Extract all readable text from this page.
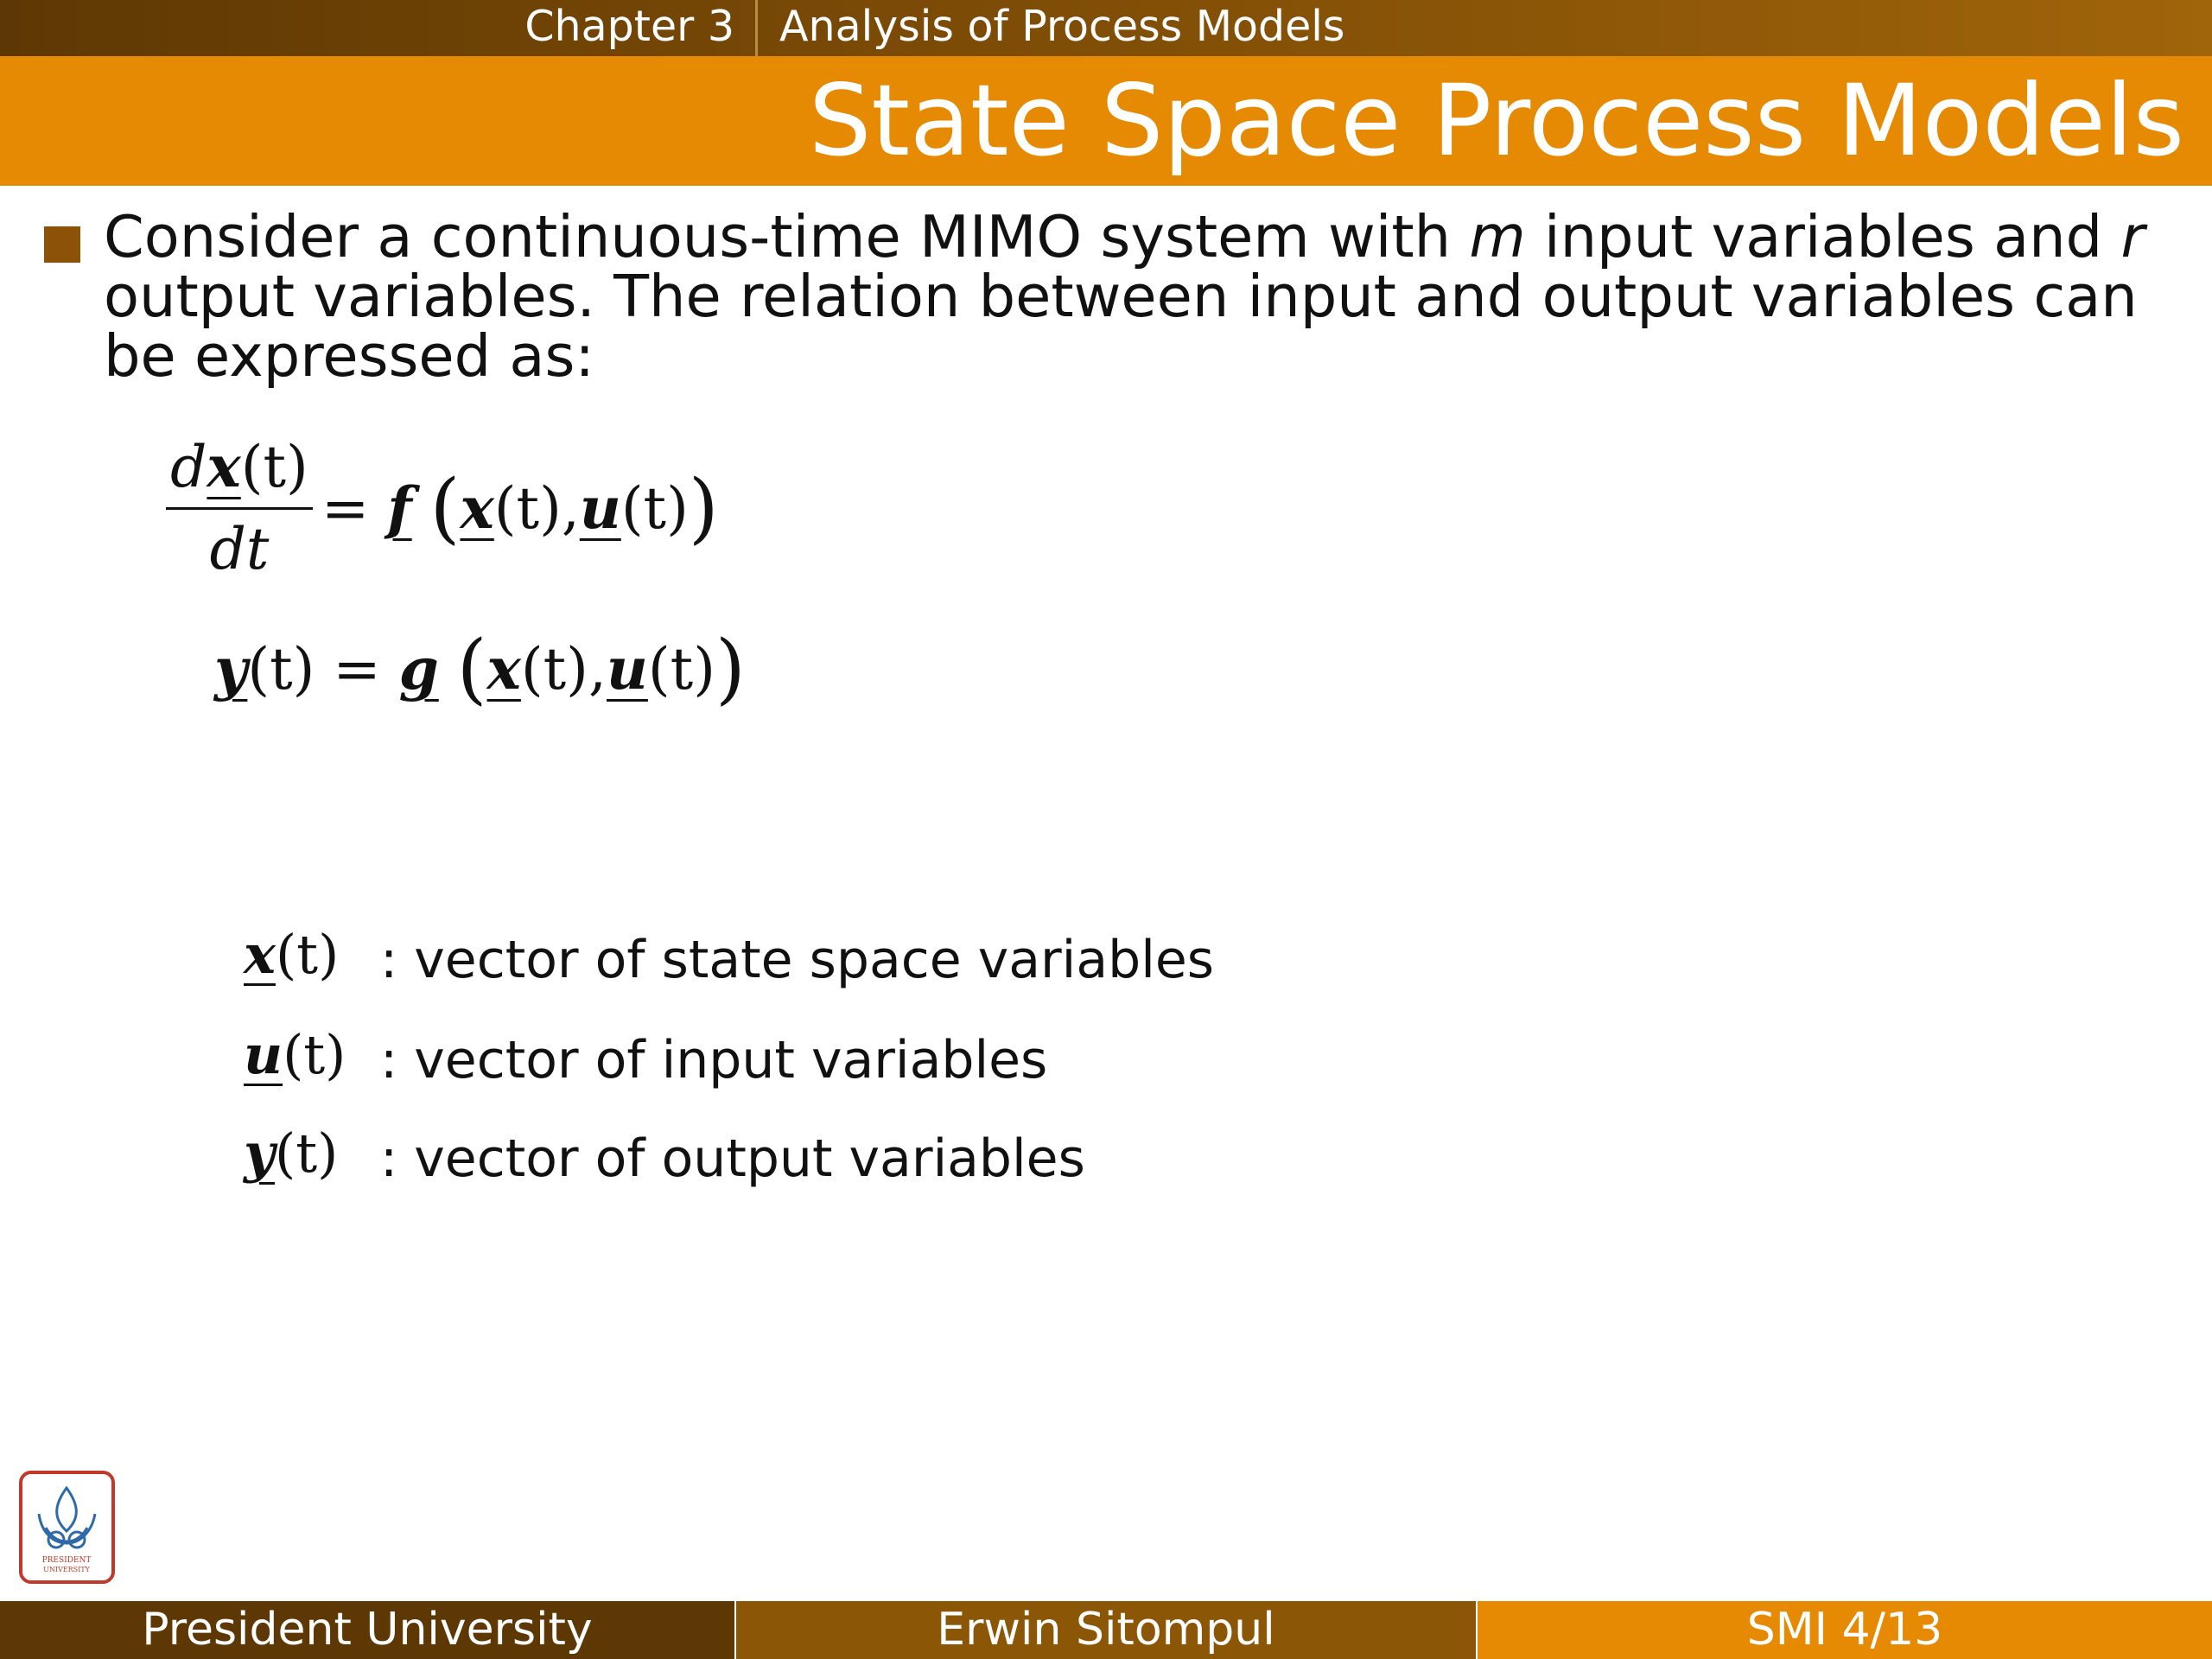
Chapter 3 Analysis of Process Models
State Space Process Models

Consider a continuous-time MIMO system with m input variables and r output variables. The relation between input and output variables can be expressed as:

dx(t)
dt
= f (x(t),u(t))
y(t) = g (x(t),u(t))
x(t) : vector of state space variables
u(t) : vector of input variables
y(t) : vector of output variables
PRESIDENT
UNIVERSITY
President University	Erwin Sitompul	SMI 4/13
